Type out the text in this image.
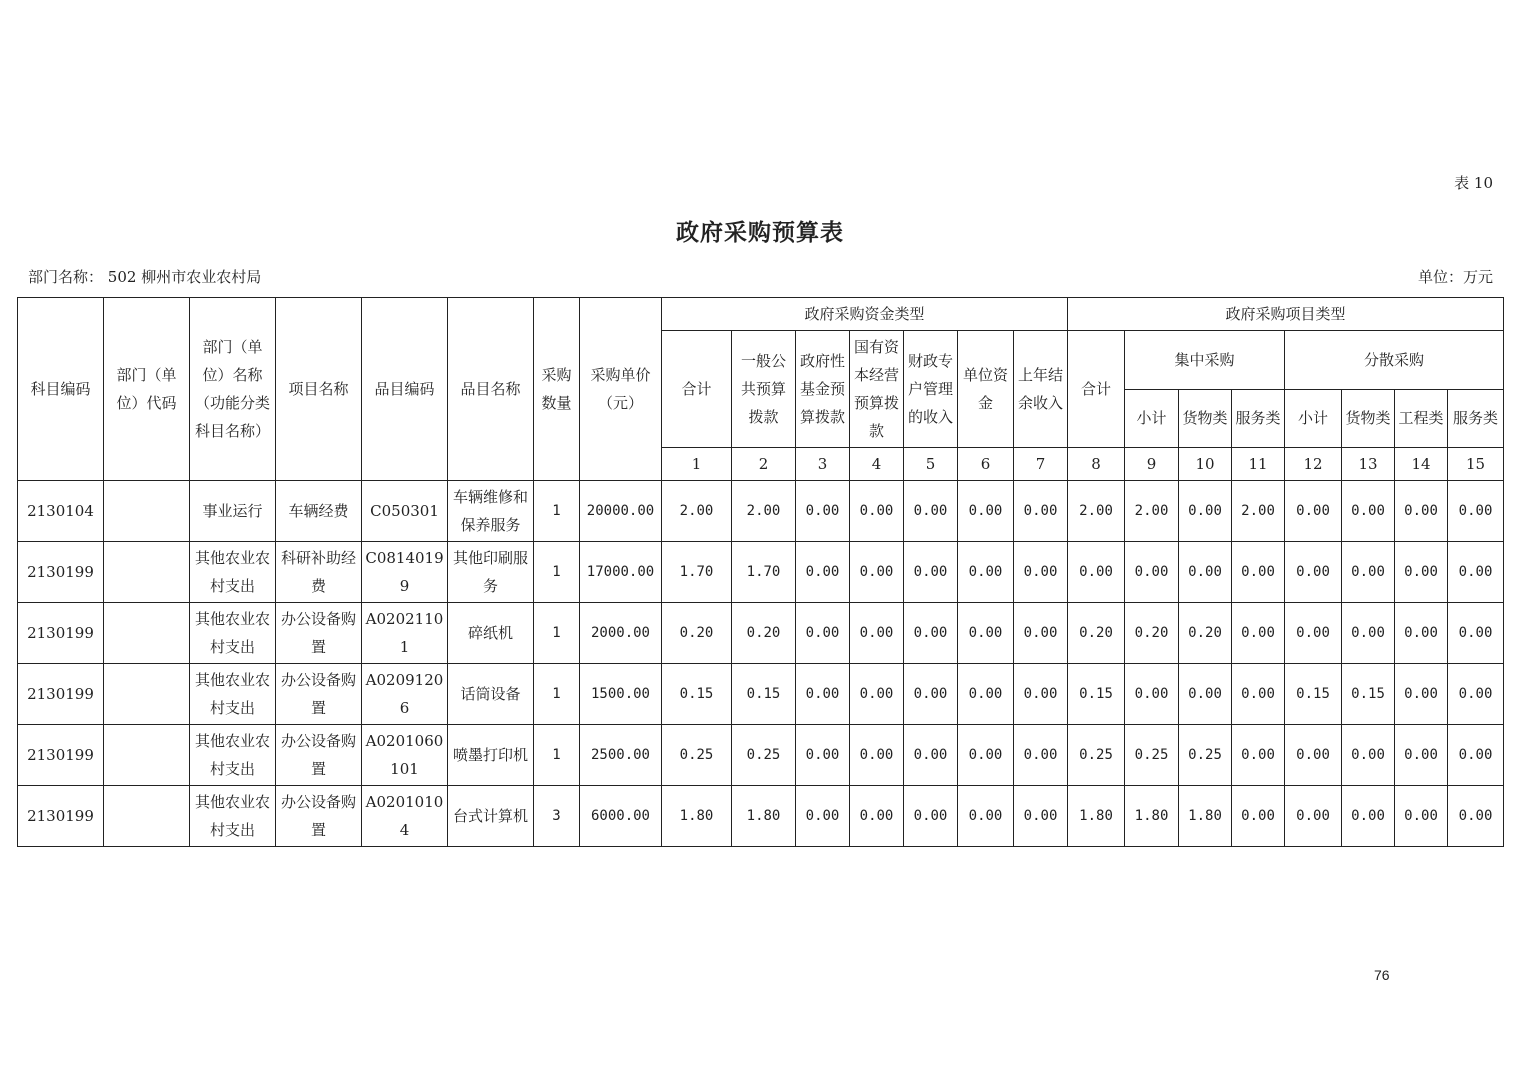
表 10
政府采购预算表
部门名称： 502 柳州市农业农村局	单位：万元
科目编码	部门（单位）代码	部门（单位）名称（功能分类科目名称）	项目名称	品目编码	品目名称	采购数量	采购单价（元）	政府采购资金类型							政府采购项目类型							
								合计	一般公共预算拨款	政府性基金预算拨款	国有资本经营预算拨款	财政专户管理的收入	单位资金	上年结余收入	合计	集中采购			分散采购			
																小计	货物类	服务类	小计	货物类	工程类	服务类
								1	2	3	4	5	6	7	8	9	10	11	12	13	14	15
2130104		事业运行	车辆经费	C050301	车辆维修和保养服务	1	20000.00	2.00	2.00	0.00	0.00	0.00	0.00	0.00	2.00	2.00	0.00	2.00	0.00	0.00	0.00	0.00
2130199		其他农业农村支出	科研补助经费	C08140199	其他印刷服务	1	17000.00	1.70	1.70	0.00	0.00	0.00	0.00	0.00	0.00	0.00	0.00	0.00	0.00	0.00	0.00	0.00
2130199		其他农业农村支出	办公设备购置	A02021101	碎纸机	1	2000.00	0.20	0.20	0.00	0.00	0.00	0.00	0.00	0.20	0.20	0.20	0.00	0.00	0.00	0.00	0.00
2130199		其他农业农村支出	办公设备购置	A02091206	话筒设备	1	1500.00	0.15	0.15	0.00	0.00	0.00	0.00	0.00	0.15	0.00	0.00	0.00	0.15	0.15	0.00	0.00
2130199		其他农业农村支出	办公设备购置	A0201060101	喷墨打印机	1	2500.00	0.25	0.25	0.00	0.00	0.00	0.00	0.00	0.25	0.25	0.25	0.00	0.00	0.00	0.00	0.00
2130199		其他农业农村支出	办公设备购置	A02010104	台式计算机	3	6000.00	1.80	1.80	0.00	0.00	0.00	0.00	0.00	1.80	1.80	1.80	0.00	0.00	0.00	0.00	0.00
76
